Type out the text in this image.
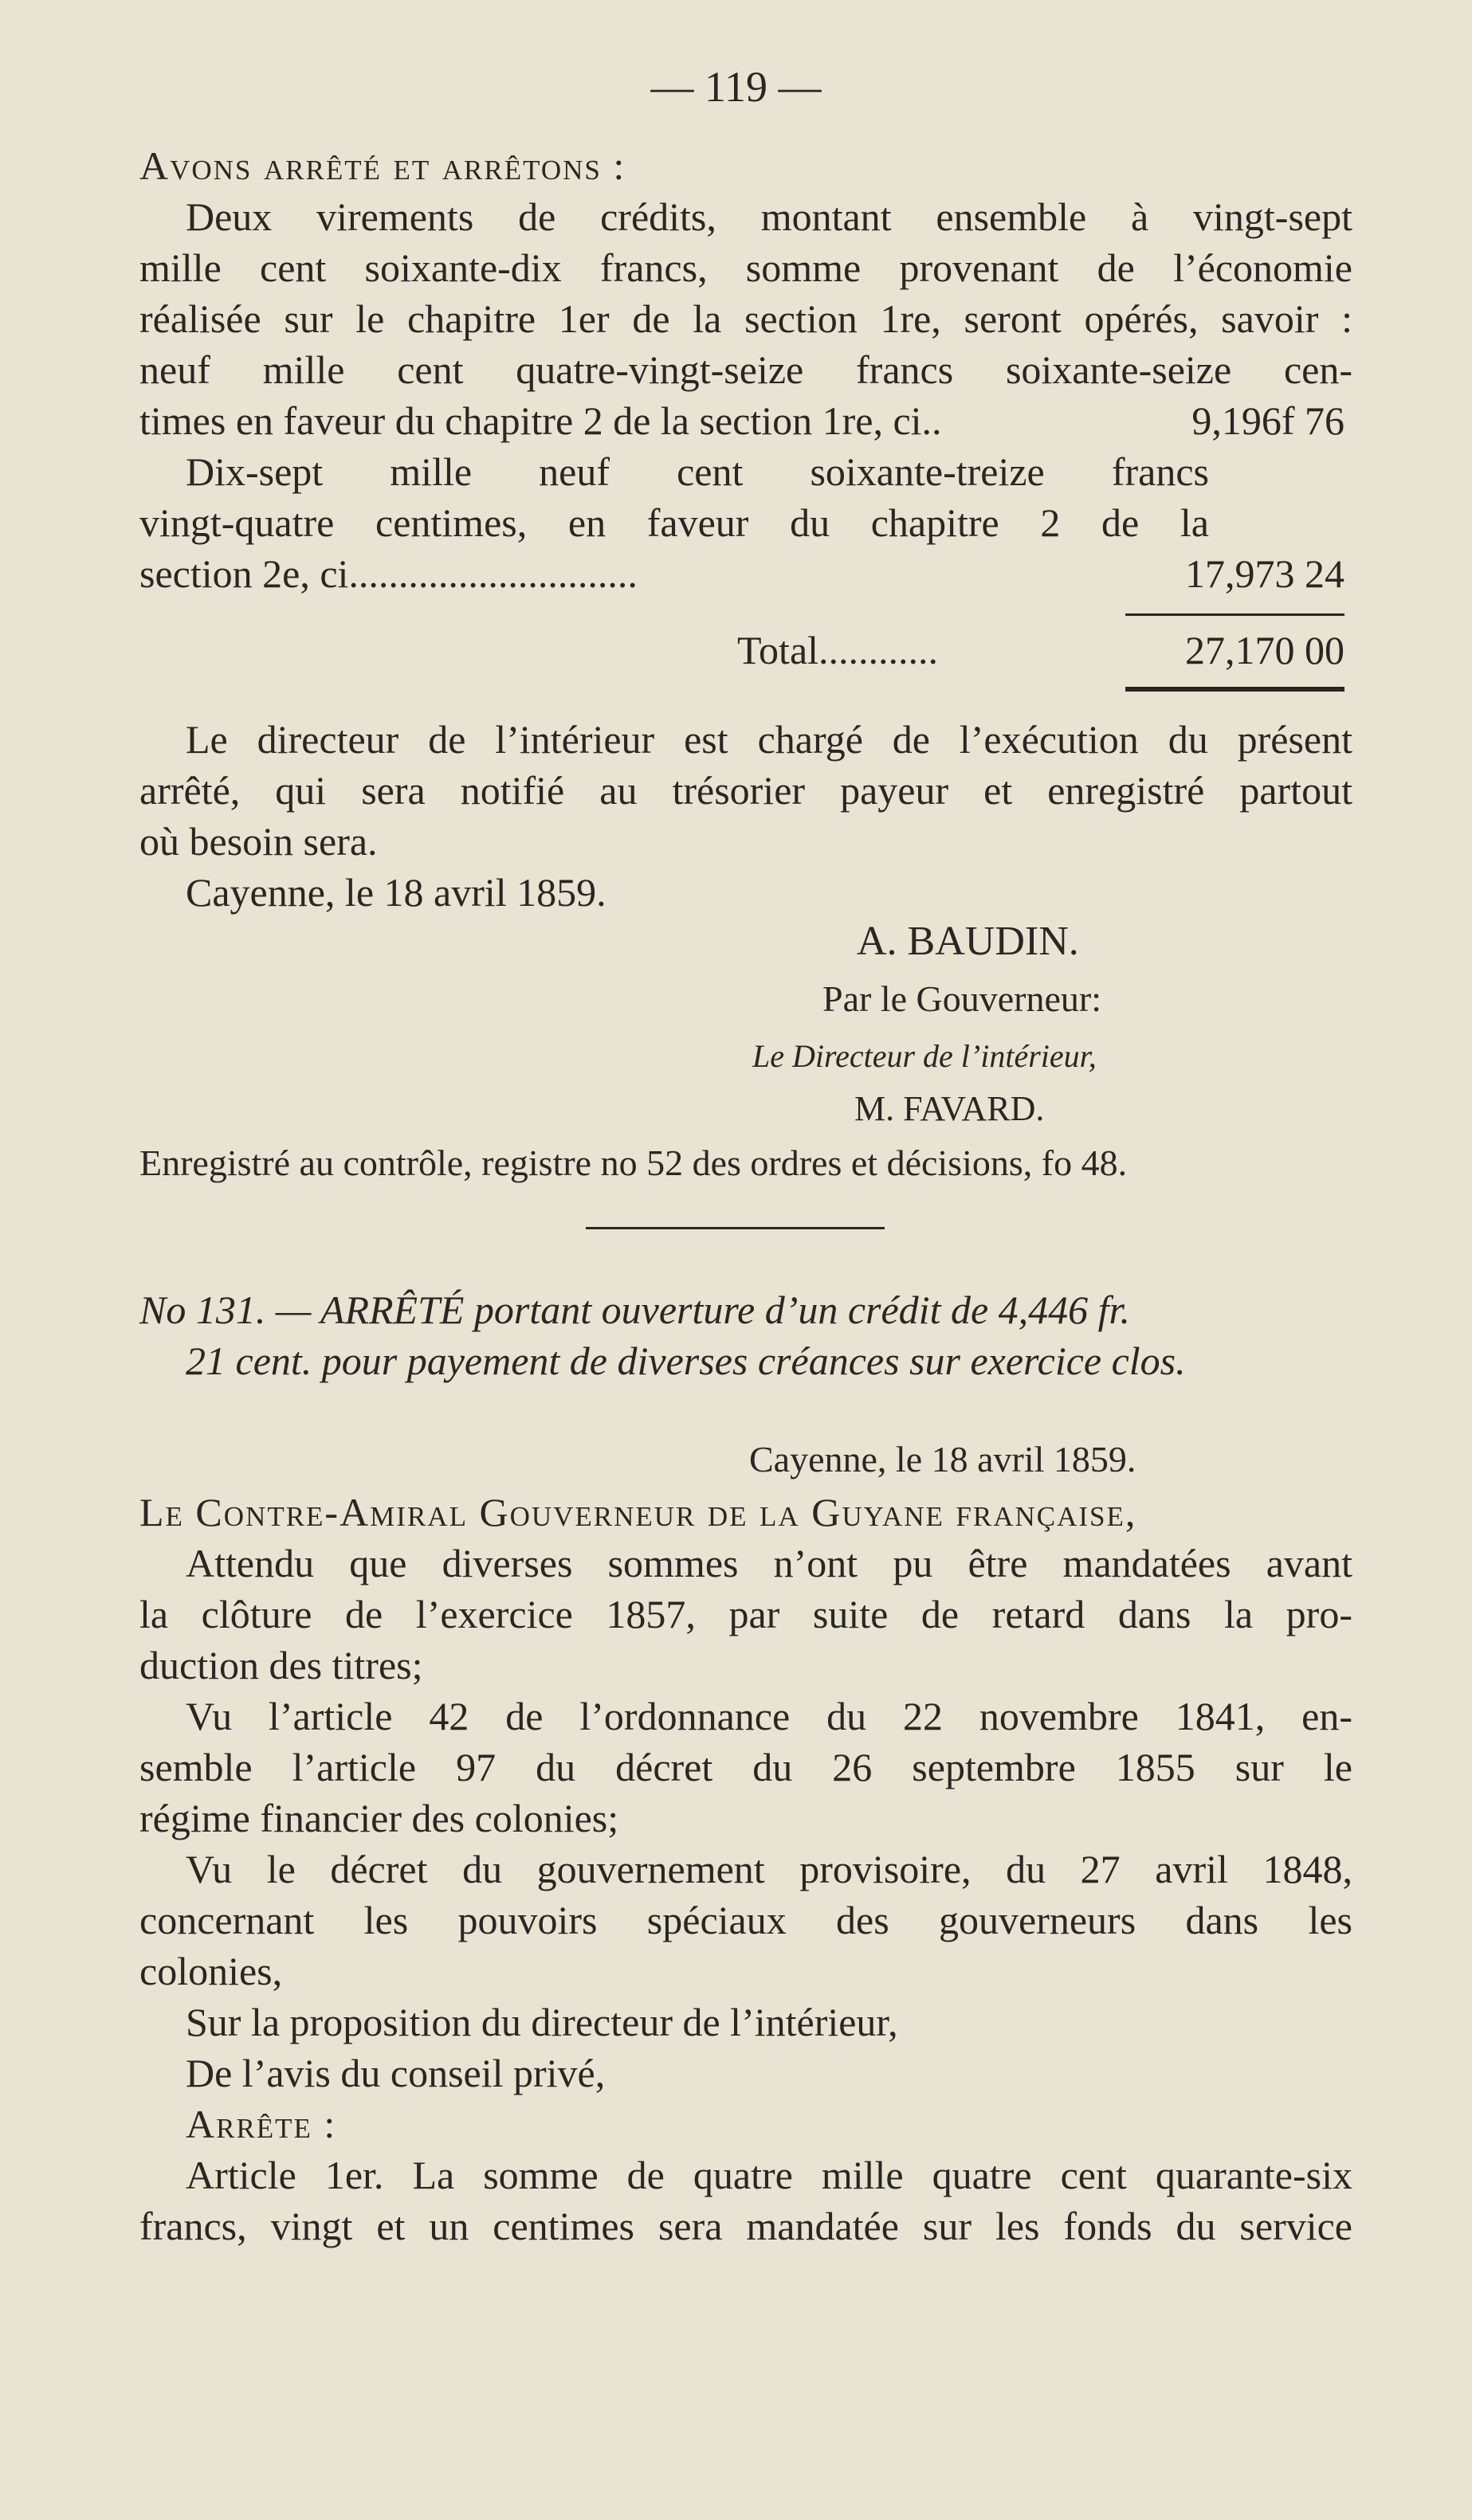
— 119 —
Avons arrêté et arrêtons :
Deux virements de crédits, montant ensemble à vingt-sept
mille cent soixante-dix francs, somme provenant de l’économie
réalisée sur le chapitre 1er de la section 1re, seront opérés, savoir :
neuf mille cent quatre-vingt-seize francs soixante-seize cen-
times en faveur du chapitre 2 de la section 1re, ci..	9,196f 76
Dix-sept mille neuf cent soixante-treize francs
vingt-quatre centimes, en faveur du chapitre 2 de la
section 2e, ci.............................	17,973 24
Total............	27,170 00
Le directeur de l’intérieur est chargé de l’exécution du présent
arrêté, qui sera notifié au trésorier payeur et enregistré partout
où besoin sera.
Cayenne, le 18 avril 1859.
A. BAUDIN.
Par le Gouverneur:
Le Directeur de l’intérieur,
M. FAVARD.
Enregistré au contrôle, registre no 52 des ordres et décisions, fo 48.
No 131. — ARRÊTÉ portant ouverture d’un crédit de 4,446 fr.
21 cent. pour payement de diverses créances sur exercice clos.
Cayenne, le 18 avril 1859.
Le Contre-Amiral Gouverneur de la Guyane française,
Attendu que diverses sommes n’ont pu être mandatées avant
la clôture de l’exercice 1857, par suite de retard dans la pro-
duction des titres;
Vu l’article 42 de l’ordonnance du 22 novembre 1841, en-
semble l’article 97 du décret du 26 septembre 1855 sur le
régime financier des colonies;
Vu le décret du gouvernement provisoire, du 27 avril 1848,
concernant les pouvoirs spéciaux des gouverneurs dans les
colonies,
Sur la proposition du directeur de l’intérieur,
De l’avis du conseil privé,
Arrête :
Article 1er. La somme de quatre mille quatre cent quarante-six
francs, vingt et un centimes sera mandatée sur les fonds du service
